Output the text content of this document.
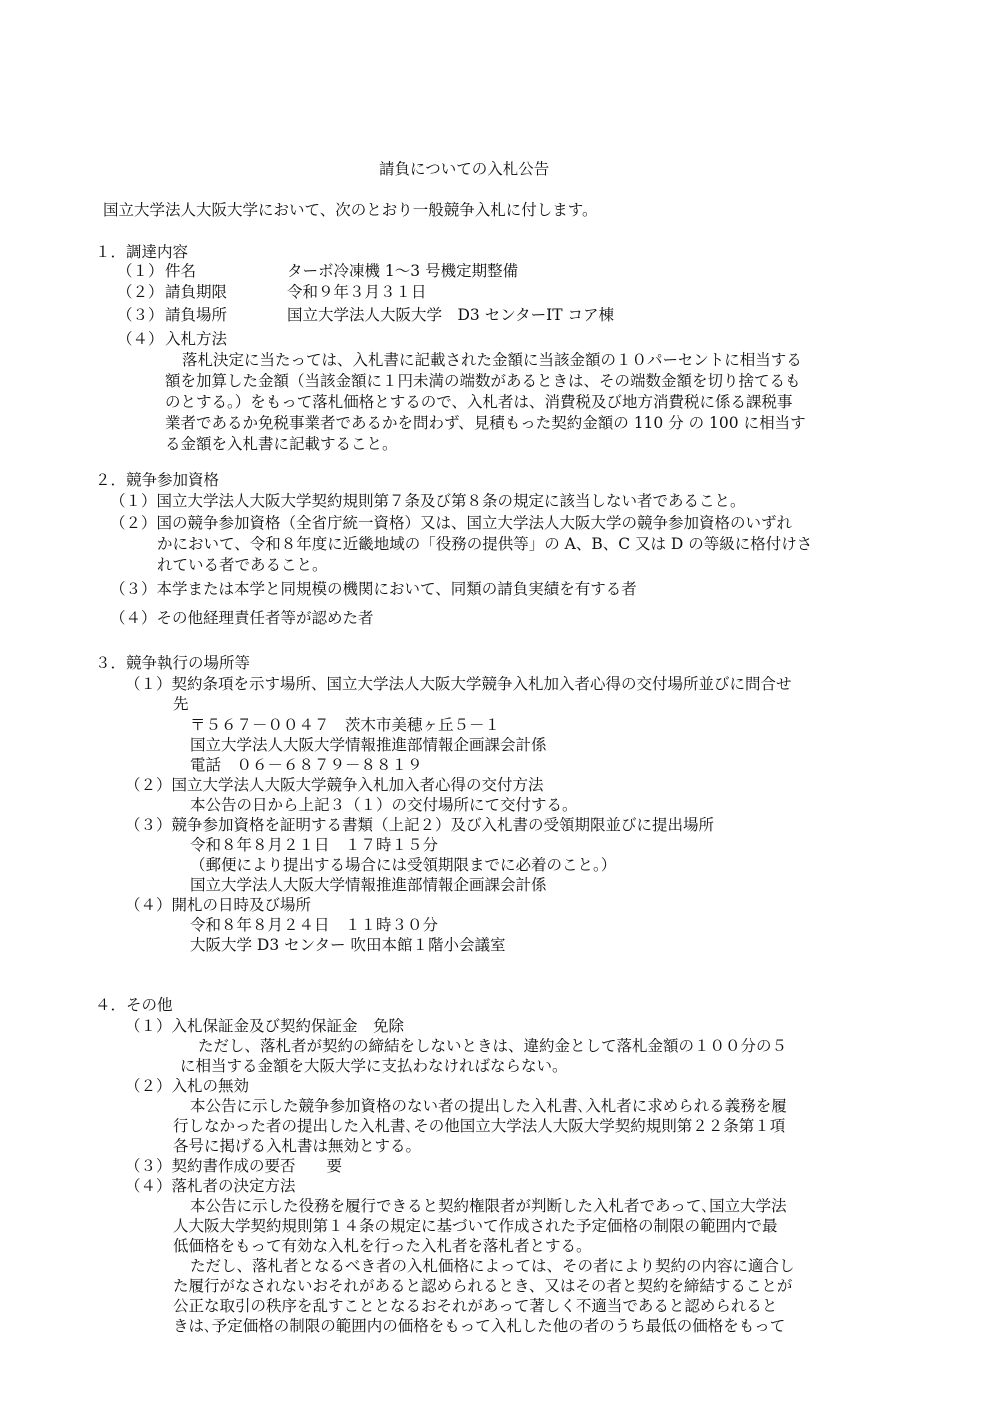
請負についての入札公告
国立大学法人大阪大学において、次のとおり一般競争入札に付します。
１．調達内容
（１） 件名	ターボ冷凍機 1～3 号機定期整備
（２） 請負期限	令和９年３月３１日
（３） 請負場所	国立大学法人大阪大学　D3 センターIT コア棟
（４） 入札方法
落札決定に当たっては、入札書に記載された金額に当該金額の１０パーセントに相当する
額を加算した金額（当該金額に１円未満の端数があるときは、その端数金額を切り捨てるも
のとする。）をもって落札価格とするので、入札者は、消費税及び地方消費税に係る課税事
業者であるか免税事業者であるかを問わず、見積もった契約金額の 110 分 の 100 に相当す
る金額を入札書に記載すること。
２．競争参加資格
（１）国立大学法人大阪大学契約規則第７条及び第８条の規定に該当しない者であること。
（２）国の競争参加資格（全省庁統一資格）又は、国立大学法人大阪大学の競争参加資格のいずれ
かにおいて、令和８年度に近畿地域の「役務の提供等」の A、B、C 又は D の等級に格付けさ
れている者であること。
（３）本学または本学と同規模の機関において、同類の請負実績を有する者
（４）その他経理責任者等が認めた者
３．競争執行の場所等
（１）契約条項を示す場所、国立大学法人大阪大学競争入札加入者心得の交付場所並びに問合せ
先
〒５６７－００４７　茨木市美穂ヶ丘５－１
国立大学法人大阪大学情報推進部情報企画課会計係
電話　０６－６８７９－８８１９
（２）国立大学法人大阪大学競争入札加入者心得の交付方法
本公告の日から上記３（１）の交付場所にて交付する。
（３）競争参加資格を証明する書類（上記２）及び入札書の受領期限並びに提出場所
令和８年８月２１日　１７時１５分
（郵便により提出する場合には受領期限までに必着のこと。）
国立大学法人大阪大学情報推進部情報企画課会計係
（４）開札の日時及び場所
令和８年８月２４日　１１時３０分
大阪大学 D3 センター 吹田本館１階小会議室
４．その他
（１）入札保証金及び契約保証金　免除
ただし、落札者が契約の締結をしないときは、違約金として落札金額の１００分の５
に相当する金額を大阪大学に支払わなければならない。
（２）入札の無効
本公告に示した競争参加資格のない者の提出した入札書､入札者に求められる義務を履
行しなかった者の提出した入札書､その他国立大学法人大阪大学契約規則第２２条第１項
各号に掲げる入札書は無効とする。
（３）契約書作成の要否　　要
（４）落札者の決定方法
本公告に示した役務を履行できると契約権限者が判断した入札者であって､国立大学法
人大阪大学契約規則第１４条の規定に基づいて作成された予定価格の制限の範囲内で最
低価格をもって有効な入札を行った入札者を落札者とする。
ただし、落札者となるべき者の入札価格によっては、その者により契約の内容に適合し
た履行がなされないおそれがあると認められるとき、又はその者と契約を締結することが
公正な取引の秩序を乱すこととなるおそれがあって著しく不適当であると認められると
きは､予定価格の制限の範囲内の価格をもって入札した他の者のうち最低の価格をもって
